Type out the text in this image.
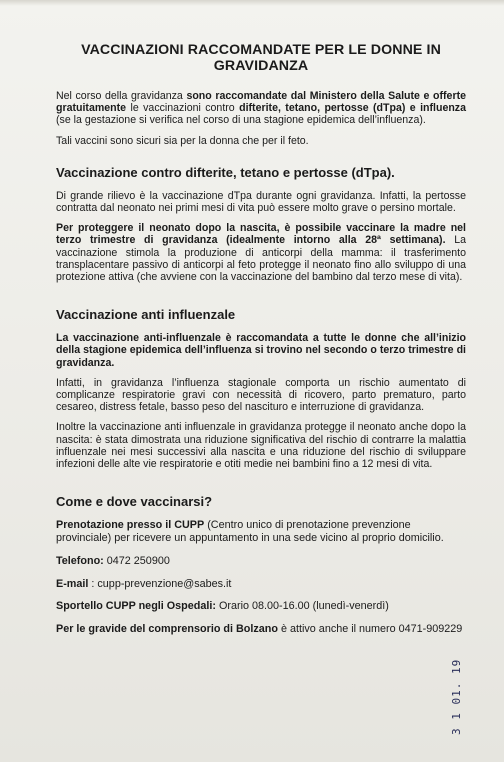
VACCINAZIONI RACCOMANDATE PER LE DONNE IN GRAVIDANZA

Nel corso della gravidanza sono raccomandate dal Ministero della Salute e offerte gratuitamente le vaccinazioni contro difterite, tetano, pertosse (dTpa) e influenza (se la gestazione si verifica nel corso di una stagione epidemica dell’influenza).

Tali vaccini sono sicuri sia per la donna che per il feto.

Vaccinazione contro difterite, tetano e pertosse (dTpa).

Di grande rilievo è la vaccinazione dTpa durante ogni gravidanza. Infatti, la pertosse contratta dal neonato nei primi mesi di vita può essere molto grave o persino mortale.

Per proteggere il neonato dopo la nascita, è possibile vaccinare la madre nel terzo trimestre di gravidanza (idealmente intorno alla 28ª settimana). La vaccinazione stimola la produzione di anticorpi della mamma: il trasferimento transplacentare passivo di anticorpi al feto protegge il neonato fino allo sviluppo di una protezione attiva (che avviene con la vaccinazione del bambino dal terzo mese di vita).

Vaccinazione anti influenzale

La vaccinazione anti-influenzale è raccomandata a tutte le donne che all’inizio della stagione epidemica dell’influenza si trovino nel secondo o terzo trimestre di gravidanza.

Infatti, in gravidanza l’influenza stagionale comporta un rischio aumentato di complicanze respiratorie gravi con necessità di ricovero, parto prematuro, parto cesareo, distress fetale, basso peso del nascituro e interruzione di gravidanza.

Inoltre la vaccinazione anti influenzale in gravidanza protegge il neonato anche dopo la nascita: è stata dimostrata una riduzione significativa del rischio di contrarre la malattia influenzale nei mesi successivi alla nascita e una riduzione del rischio di sviluppare infezioni delle alte vie respiratorie e otiti medie nei bambini fino a 12 mesi di vita.

Come e dove vaccinarsi?

Prenotazione presso il CUPP (Centro unico di prenotazione prevenzione provinciale) per ricevere un appuntamento in una sede vicino al proprio domicilio.

Telefono: 0472 250900

E-mail : cupp-prevenzione@sabes.it

Sportello CUPP negli Ospedali: Orario 08.00-16.00 (lunedì-venerdì)

Per le gravide del comprensorio di Bolzano è attivo anche il numero 0471-909229

3 1 01. 19
